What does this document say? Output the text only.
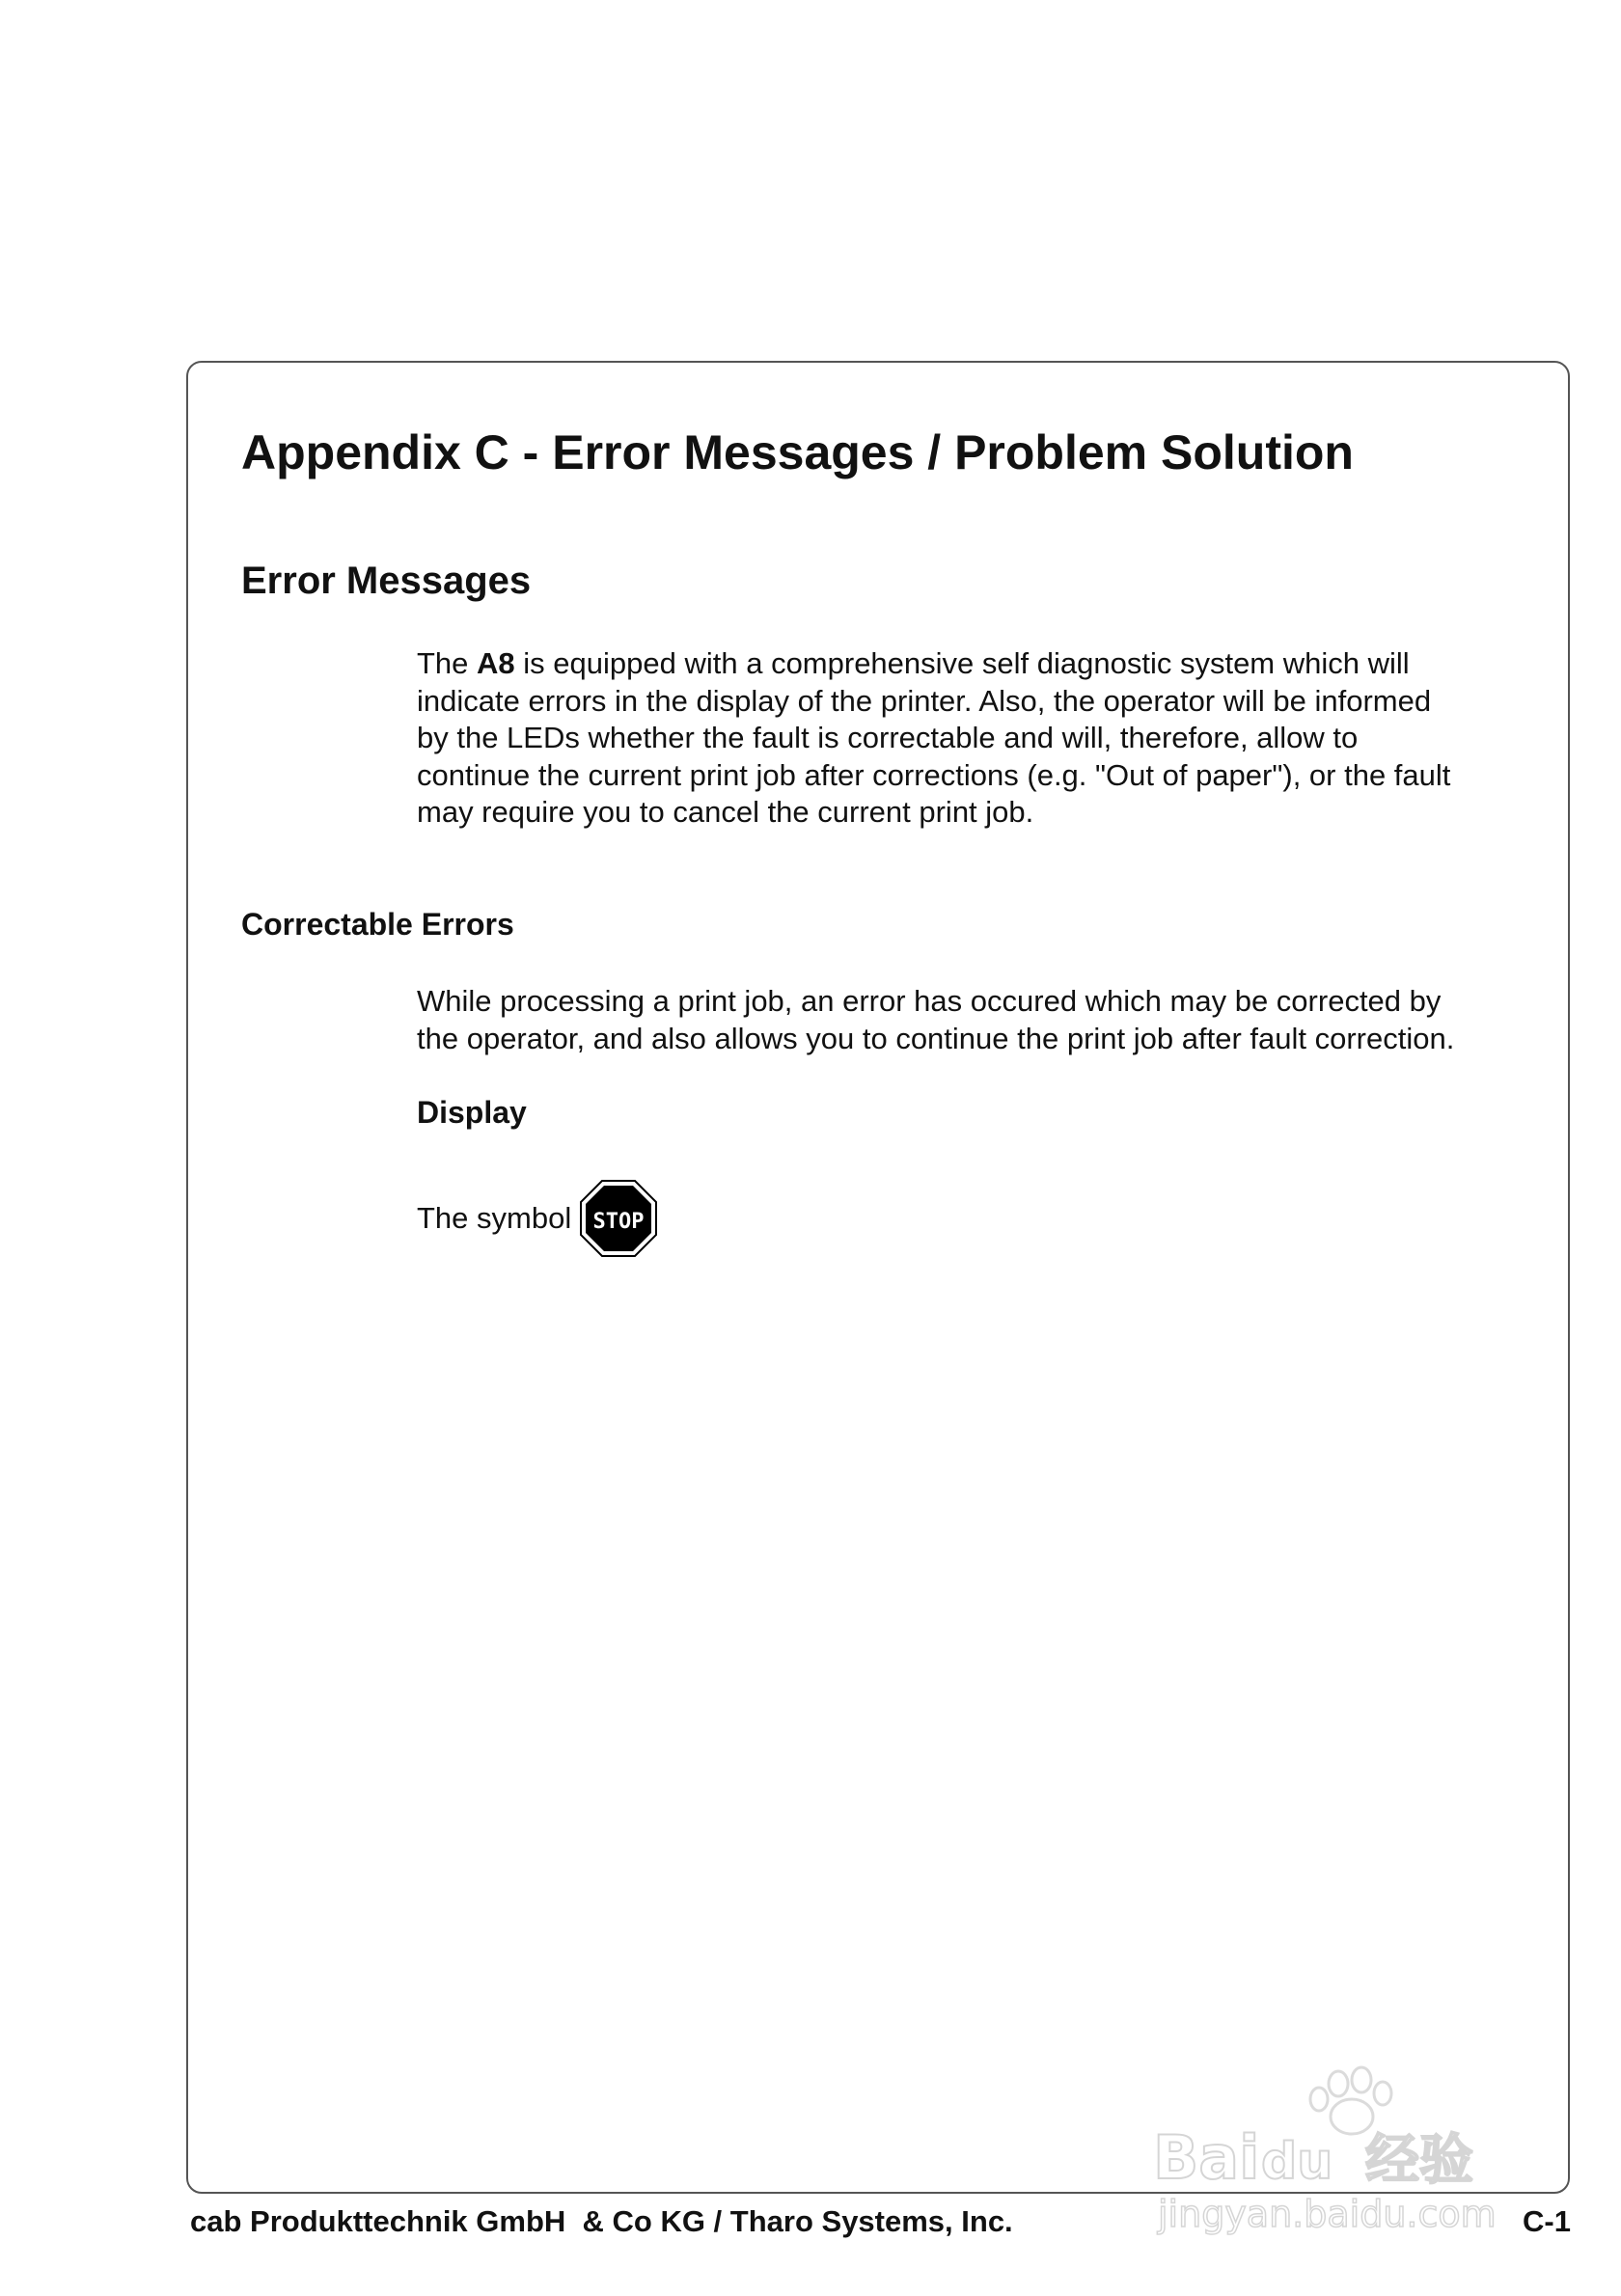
Appendix C - Error Messages / Problem Solution
Error Messages
The A8 is equipped with a comprehensive self diagnostic system which will
indicate errors in the display of the printer. Also, the operator will be informed
by the LEDs whether the fault is correctable and will, therefore, allow to
continue the current print job after corrections (e.g. "Out of paper"), or the fault
may require you to cancel the current print job.
Correctable Errors
While processing a print job, an error has occured which may be corrected by
the operator, and also allows you to continue the print job after fault correction.
Display
The symbol STOP
cab Produkttechnik GmbH  & Co KG / Tharo Systems, Inc.	C-1
Bai du 经验
jingyan.baidu.com
